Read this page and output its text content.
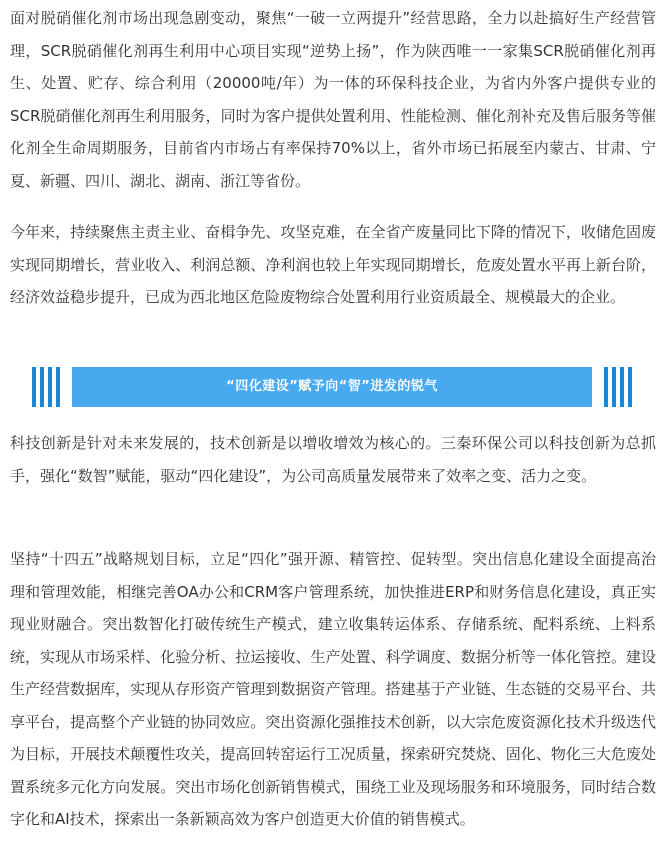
面对脱硝催化剂市场出现急剧变动，聚焦“一破一立两提升”经营思路，全力以赴搞好生产经营管理，SCR脱硝催化剂再生利用中心项目实现“逆势上扬”，作为陕西唯一一家集SCR脱硝催化剂再生、处置、贮存、综合利用（20000吨/年）为一体的环保科技企业，为省内外客户提供专业的SCR脱硝催化剂再生利用服务，同时为客户提供处置利用、性能检测、催化剂补充及售后服务等催化剂全生命周期服务，目前省内市场占有率保持70%以上，省外市场已拓展至内蒙古、甘肃、宁夏、新疆、四川、湖北、湖南、浙江等省份。

今年来，持续聚焦主责主业、奋楫争先、攻坚克难，在全省产废量同比下降的情况下，收储危固废实现同期增长，营业收入、利润总额、净利润也较上年实现同期增长，危废处置水平再上新台阶，经济效益稳步提升，已成为西北地区危险废物综合处置利用行业资质最全、规模最大的企业。

“四化建设”赋予向“智”进发的锐气

科技创新是针对未来发展的，技术创新是以增收增效为核心的。三秦环保公司以科技创新为总抓手，强化“数智”赋能，驱动“四化建设”，为公司高质量发展带来了效率之变、活力之变。

坚持“十四五”战略规划目标，立足“四化”强开源、精管控、促转型。突出信息化建设全面提高治理和管理效能，相继完善OA办公和CRM客户管理系统，加快推进ERP和财务信息化建设，真正实现业财融合。突出数智化打破传统生产模式，建立收集转运体系、存储系统、配料系统、上料系统，实现从市场采样、化验分析、拉运接收、生产处置、科学调度、数据分析等一体化管控。建设生产经营数据库，实现从存形资产管理到数据资产管理。搭建基于产业链、生态链的交易平台、共享平台，提高整个产业链的协同效应。突出资源化强推技术创新，以大宗危废资源化技术升级迭代为目标，开展技术颠覆性攻关，提高回转窑运行工况质量，探索研究焚烧、固化、物化三大危废处置系统多元化方向发展。突出市场化创新销售模式，围绕工业及现场服务和环境服务，同时结合数字化和AI技术，探索出一条新颖高效为客户创造更大价值的销售模式。
